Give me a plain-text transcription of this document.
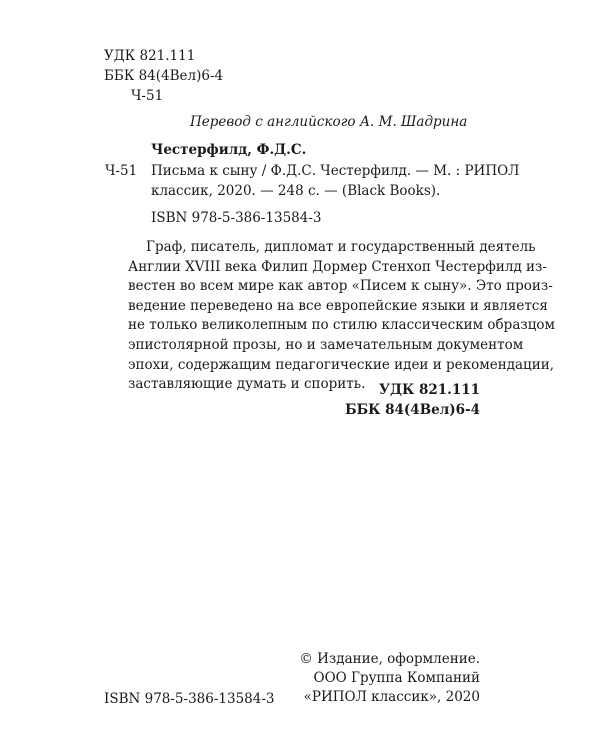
УДК 821.111
ББК 84(4Вел)6-4
Ч-51
Перевод с английского А. М. Шадрина
Честерфилд, Ф.Д.С.
Ч-51 Письма к сыну / Ф.Д.С. Честерфилд. — М. : РИПОЛ
классик, 2020. — 248 с. — (Black Books).
ISBN 978-5-386-13584-3
Граф, писатель, дипломат и государственный деятель
Англии XVIII века Филип Дормер Стенхоп Честерфилд из-
вестен во всем мире как автор «Писем к сыну». Это произ-
ведение переведено на все европейские языки и является
не только великолепным по стилю классическим образцом
эпистолярной прозы, но и замечательным документом
эпохи, содержащим педагогические идеи и рекомендации,
заставляющие думать и спорить.	УДК 821.111
ББК 84(4Вел)6-4
© Издание, оформление.
ООО Группа Компаний
«РИПОЛ классик», 2020
ISBN 978-5-386-13584-3
